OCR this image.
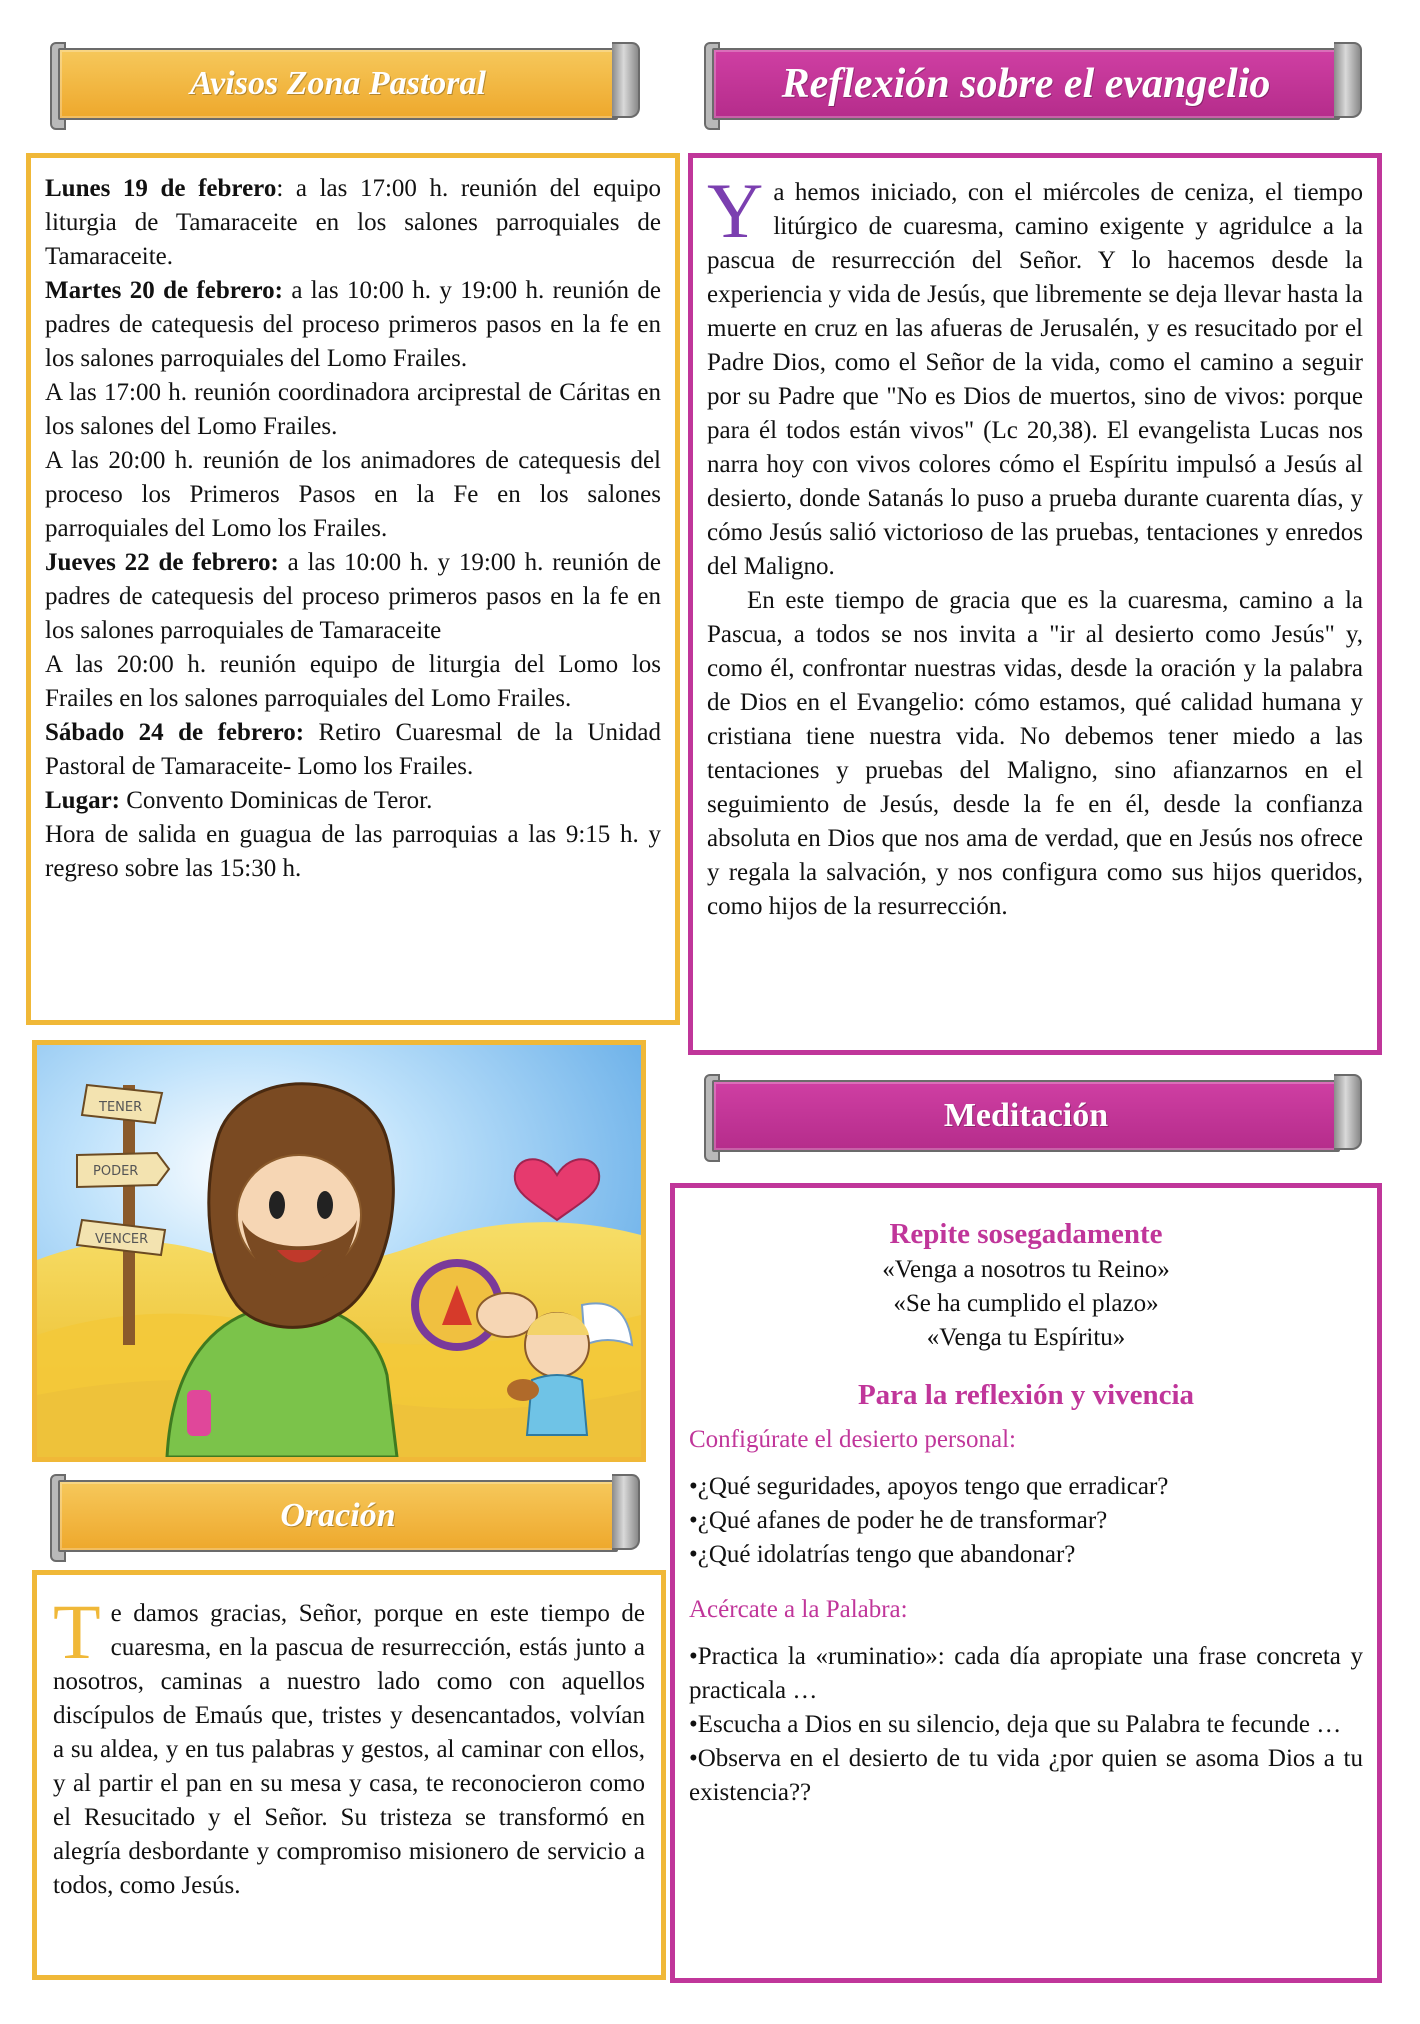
Avisos Zona Pastoral

Lunes 19 de febrero: a las 17:00 h. reunión del equipo liturgia de Tamaraceite en los salones parroquiales de Tamaraceite.

Martes 20 de febrero: a las 10:00 h. y 19:00 h. reunión de padres de catequesis del proceso primeros pasos en la fe en los salones parroquiales del Lomo Frailes.

A las 17:00 h. reunión coordinadora arciprestal de Cáritas en los salones del Lomo Frailes.

A las 20:00 h. reunión de los animadores de catequesis del proceso los Primeros Pasos en la Fe en los salones parroquiales del Lomo los Frailes.

Jueves 22 de febrero: a las 10:00 h. y 19:00 h. reunión de padres de catequesis del proceso primeros pasos en la fe en los salones parroquiales de Tamaraceite

A las 20:00 h. reunión equipo de liturgia del Lomo los Frailes en los salones parroquiales del Lomo Frailes.

Sábado 24 de febrero: Retiro Cuaresmal de la Unidad Pastoral de Tamaraceite- Lomo los Frailes.

Lugar: Convento Dominicas de Teror.

Hora de salida en guagua de las parroquias a las 9:15 h. y regreso sobre las 15:30 h.

TENER
PODER
VENCER
Oración
Te damos gracias, Señor, porque en este tiempo de cuaresma, en la pascua de resurrección, estás junto a nosotros, caminas a nuestro lado como con aquellos discípulos de Emaús que, tristes y desencantados, volvían a su aldea, y en tus palabras y gestos, al caminar con ellos, y al partir el pan en su mesa y casa, te reconocieron como el Resucitado y el Señor. Su tristeza se transformó en alegría desbordante y compromiso misionero de servicio a todos, como Jesús.
Reflexión sobre el evangelio

Ya hemos iniciado, con el miércoles de ceniza, el tiempo litúrgico de cuaresma, camino exigente y agridulce a la pascua de resurrección del Señor. Y lo hacemos desde la experiencia y vida de Jesús, que libremente se deja llevar hasta la muerte en cruz en las afueras de Jerusalén, y es resucitado por el Padre Dios, como el Señor de la vida, como el camino a seguir por su Padre que "No es Dios de muertos, sino de vivos: porque para él todos están vivos" (Lc 20,38). El evangelista Lucas nos narra hoy con vivos colores cómo el Espíritu impulsó a Jesús al desierto, donde Satanás lo puso a prueba durante cuarenta días, y cómo Jesús salió victorioso de las pruebas, tentaciones y enredos del Maligno.

En este tiempo de gracia que es la cuaresma, camino a la Pascua, a todos se nos invita a "ir al desierto como Jesús" y, como él, confrontar nuestras vidas, desde la oración y la palabra de Dios en el Evangelio: cómo estamos, qué calidad humana y cristiana tiene nuestra vida. No debemos tener miedo a las tentaciones y pruebas del Maligno, sino afianzarnos en el seguimiento de Jesús, desde la fe en él, desde la confianza absoluta en Dios que nos ama de verdad, que en Jesús nos ofrece y regala la salvación, y nos configura como sus hijos queridos, como hijos de la resurrección.

Meditación
Repite sosegadamente
«Venga a nosotros tu Reino»
«Se ha cumplido el plazo»
«Venga tu Espíritu»
Para la reflexión y vivencia
Configúrate el desierto personal:
•¿Qué seguridades, apoyos tengo que erradicar?
•¿Qué afanes de poder he de transformar?
•¿Qué idolatrías tengo que abandonar?
Acércate a la Palabra:
•Practica la «ruminatio»: cada día apropiate una frase concreta y practicala …
•Escucha a Dios en su silencio, deja que su Palabra te fecunde …
•Observa en el desierto de tu vida ¿por quien se asoma Dios a tu existencia??
